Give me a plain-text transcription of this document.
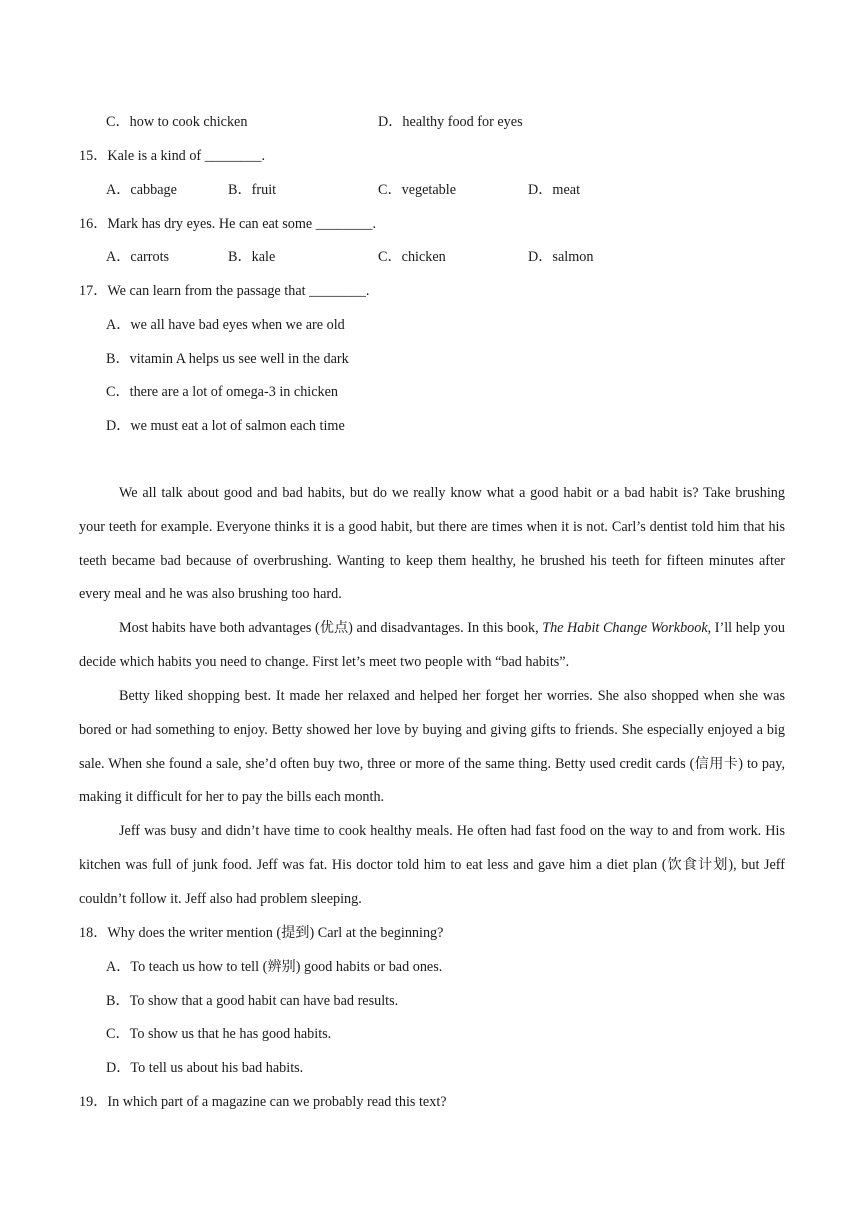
C．how to cook chicken	D．healthy food for eyes
15．Kale is a kind of ________.
A．cabbage	B．fruit	C．vegetable	D．meat
16．Mark has dry eyes. He can eat some ________.
A．carrots	B．kale	C．chicken	D．salmon
17．We can learn from the passage that ________.
A．we all have bad eyes when we are old
B．vitamin A helps us see well in the dark
C．there are a lot of omega-3 in chicken
D．we must eat a lot of salmon each time
We all talk about good and bad habits, but do we really know what a good habit or a bad habit is? Take brushing your teeth for example. Everyone thinks it is a good habit, but there are times when it is not. Carl’s dentist told him that his teeth became bad because of overbrushing. Wanting to keep them healthy, he brushed his teeth for fifteen minutes after every meal and he was also brushing too hard.
Most habits have both advantages (优点) and disadvantages. In this book, The Habit Change Workbook, I’ll help you decide which habits you need to change. First let’s meet two people with “bad habits”.
Betty liked shopping best. It made her relaxed and helped her forget her worries. She also shopped when she was bored or had something to enjoy. Betty showed her love by buying and giving gifts to friends. She especially enjoyed a big sale. When she found a sale, she’d often buy two, three or more of the same thing. Betty used credit cards (信用卡) to pay, making it difficult for her to pay the bills each month.
Jeff was busy and didn’t have time to cook healthy meals. He often had fast food on the way to and from work. His kitchen was full of junk food. Jeff was fat. His doctor told him to eat less and gave him a diet plan (饮食计划), but Jeff couldn’t follow it. Jeff also had problem sleeping.
18．Why does the writer mention (提到) Carl at the beginning?
A．To teach us how to tell (辨别) good habits or bad ones.
B．To show that a good habit can have bad results.
C．To show us that he has good habits.
D．To tell us about his bad habits.
19．In which part of a magazine can we probably read this text?
